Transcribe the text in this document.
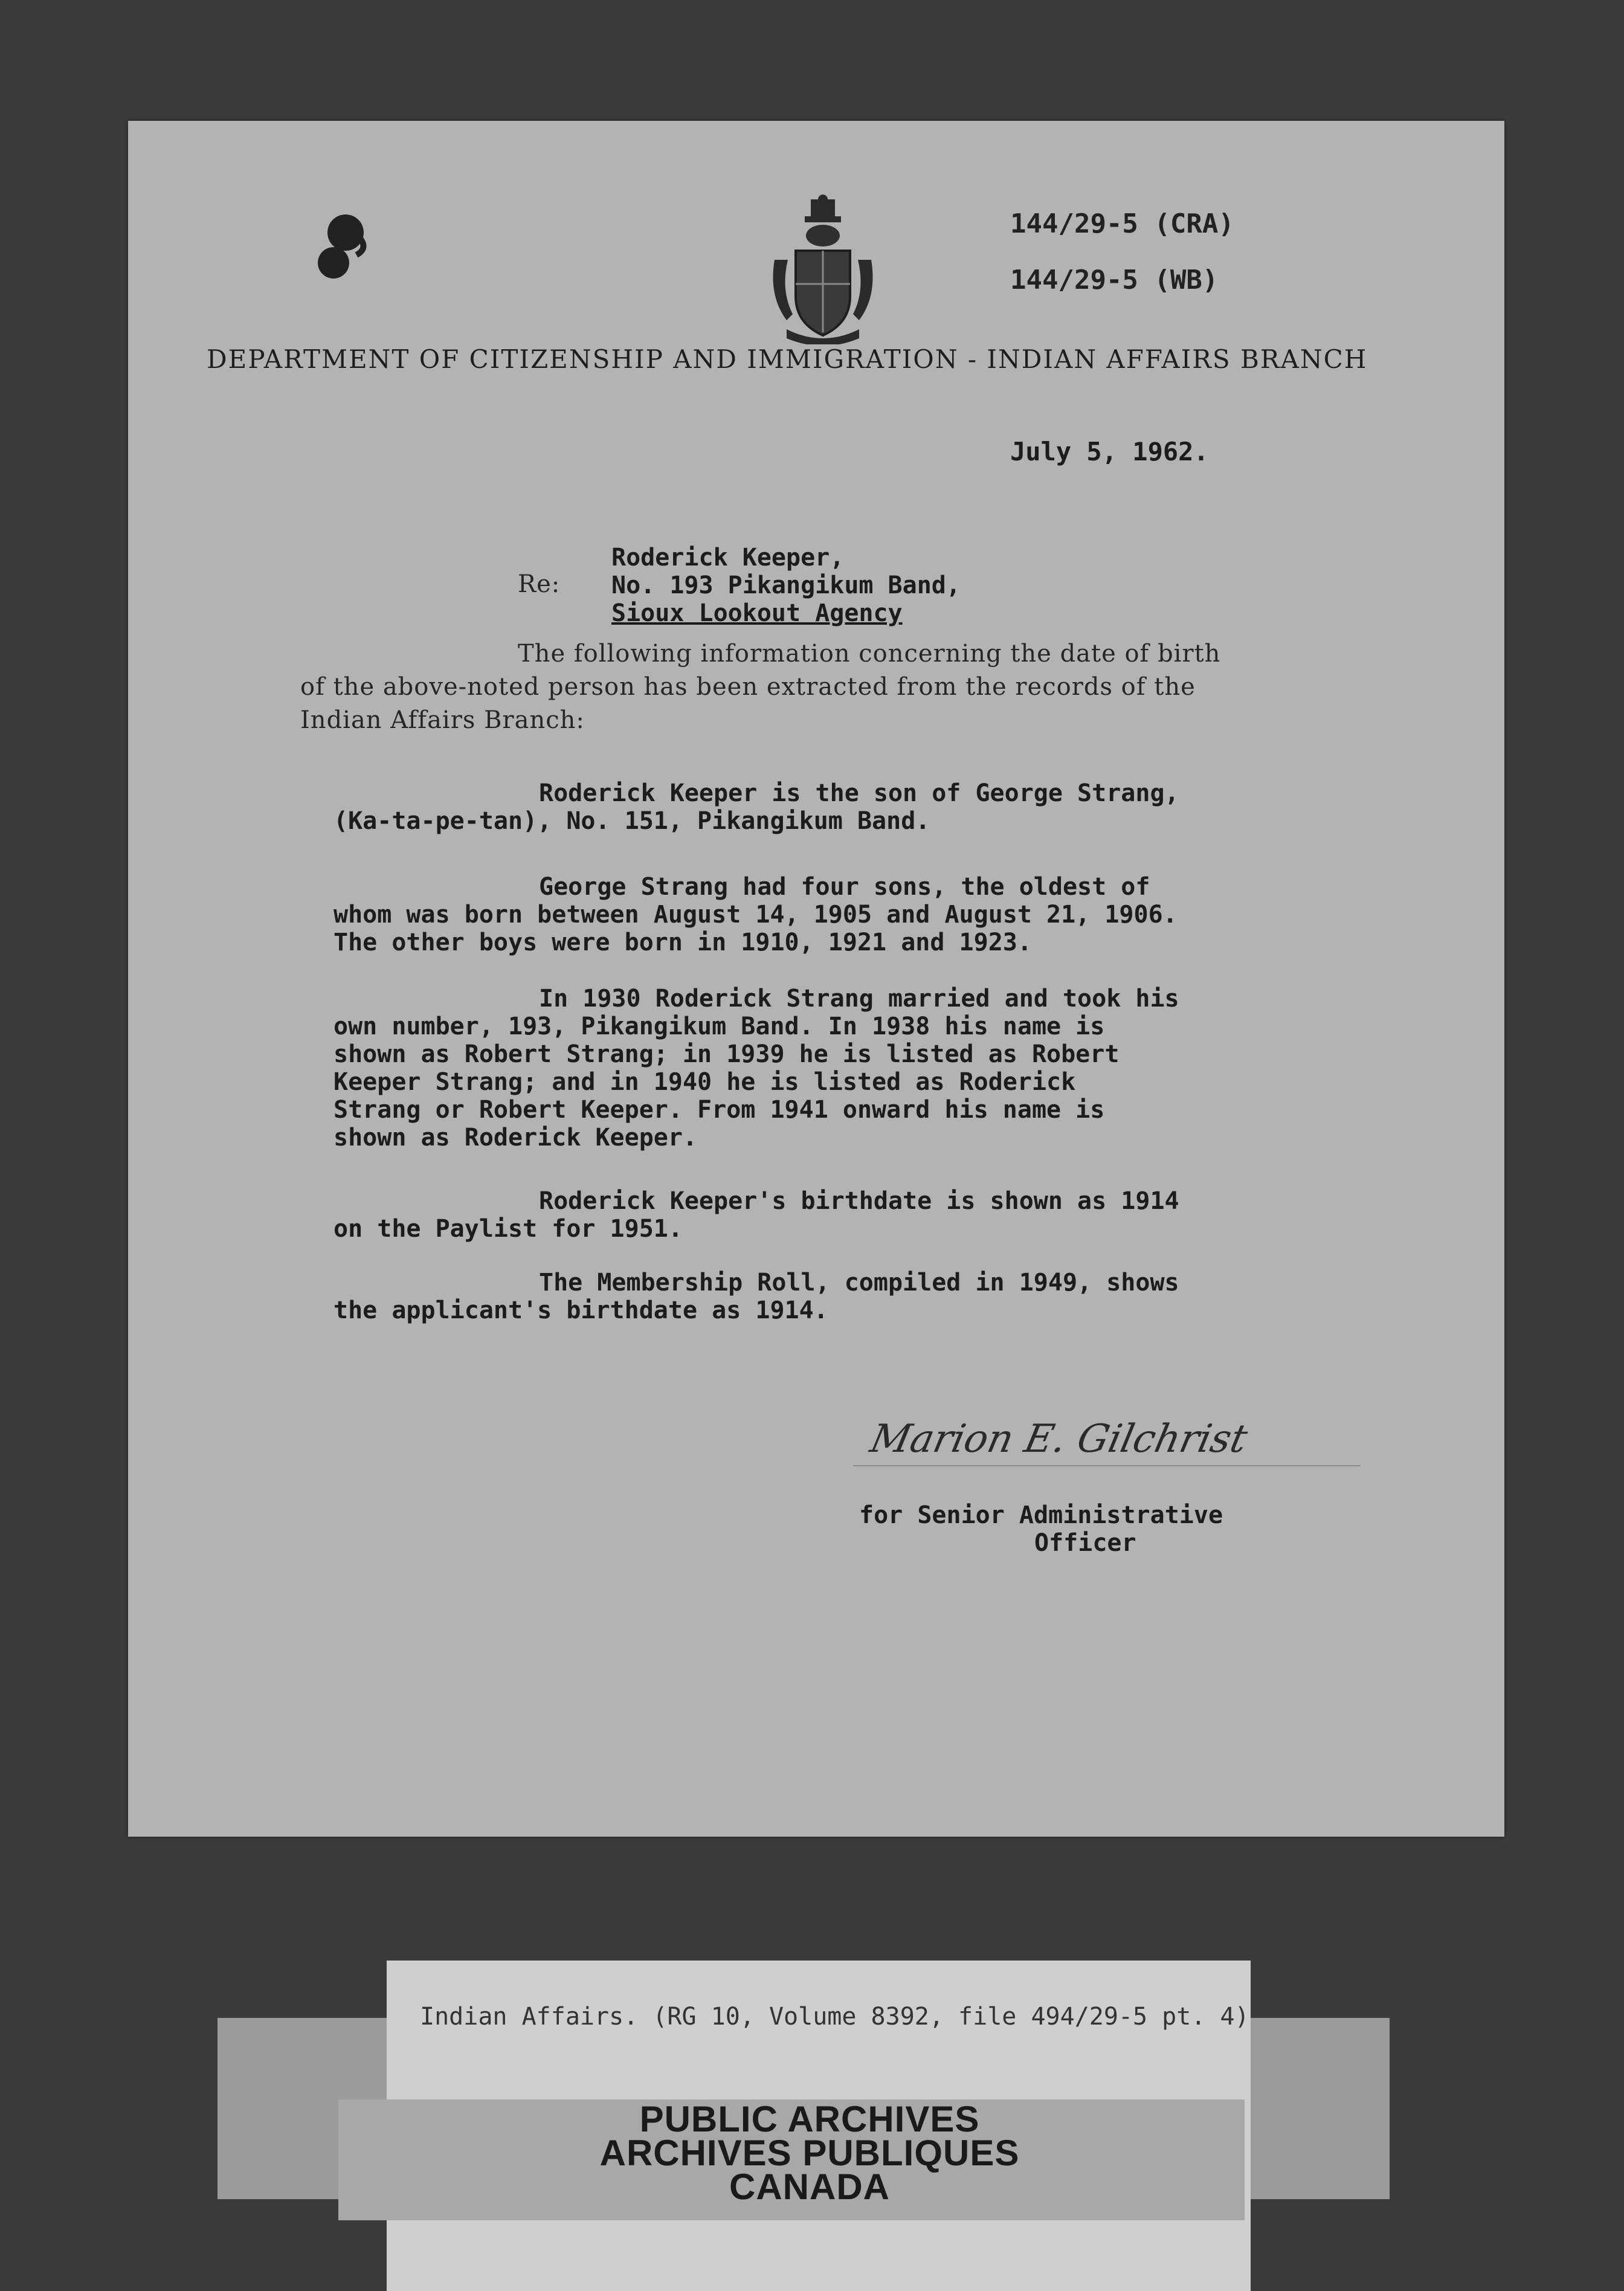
144/29-5 (CRA)
144/29-5 (WB)
DEPARTMENT OF CITIZENSHIP AND IMMIGRATION - INDIAN AFFAIRS BRANCH
July 5, 1962.
Re:
Roderick Keeper,
No. 193 Pikangikum Band,
Sioux Lookout Agency
The following information concerning the date of birth
of the above-noted person has been extracted from the records of the
Indian Affairs Branch:
Roderick Keeper is the son of George Strang,
(Ka-ta-pe-tan), No. 151, Pikangikum Band.
George Strang had four sons, the oldest of
whom was born between August 14, 1905 and August 21, 1906.
The other boys were born in 1910, 1921 and 1923.
In 1930 Roderick Strang married and took his
own number, 193, Pikangikum Band. In 1938 his name is
shown as Robert Strang; in 1939 he is listed as Robert
Keeper Strang; and in 1940 he is listed as Roderick
Strang or Robert Keeper. From 1941 onward his name is
shown as Roderick Keeper.
Roderick Keeper's birthdate is shown as 1914
on the Paylist for 1951.
The Membership Roll, compiled in 1949, shows
the applicant's birthdate as 1914.
Marion E. Gilchrist
for Senior Administrative
Officer
Indian Affairs. (RG 10, Volume 8392, file 494/29-5 pt. 4)
PUBLIC ARCHIVES
ARCHIVES PUBLIQUES
CANADA
